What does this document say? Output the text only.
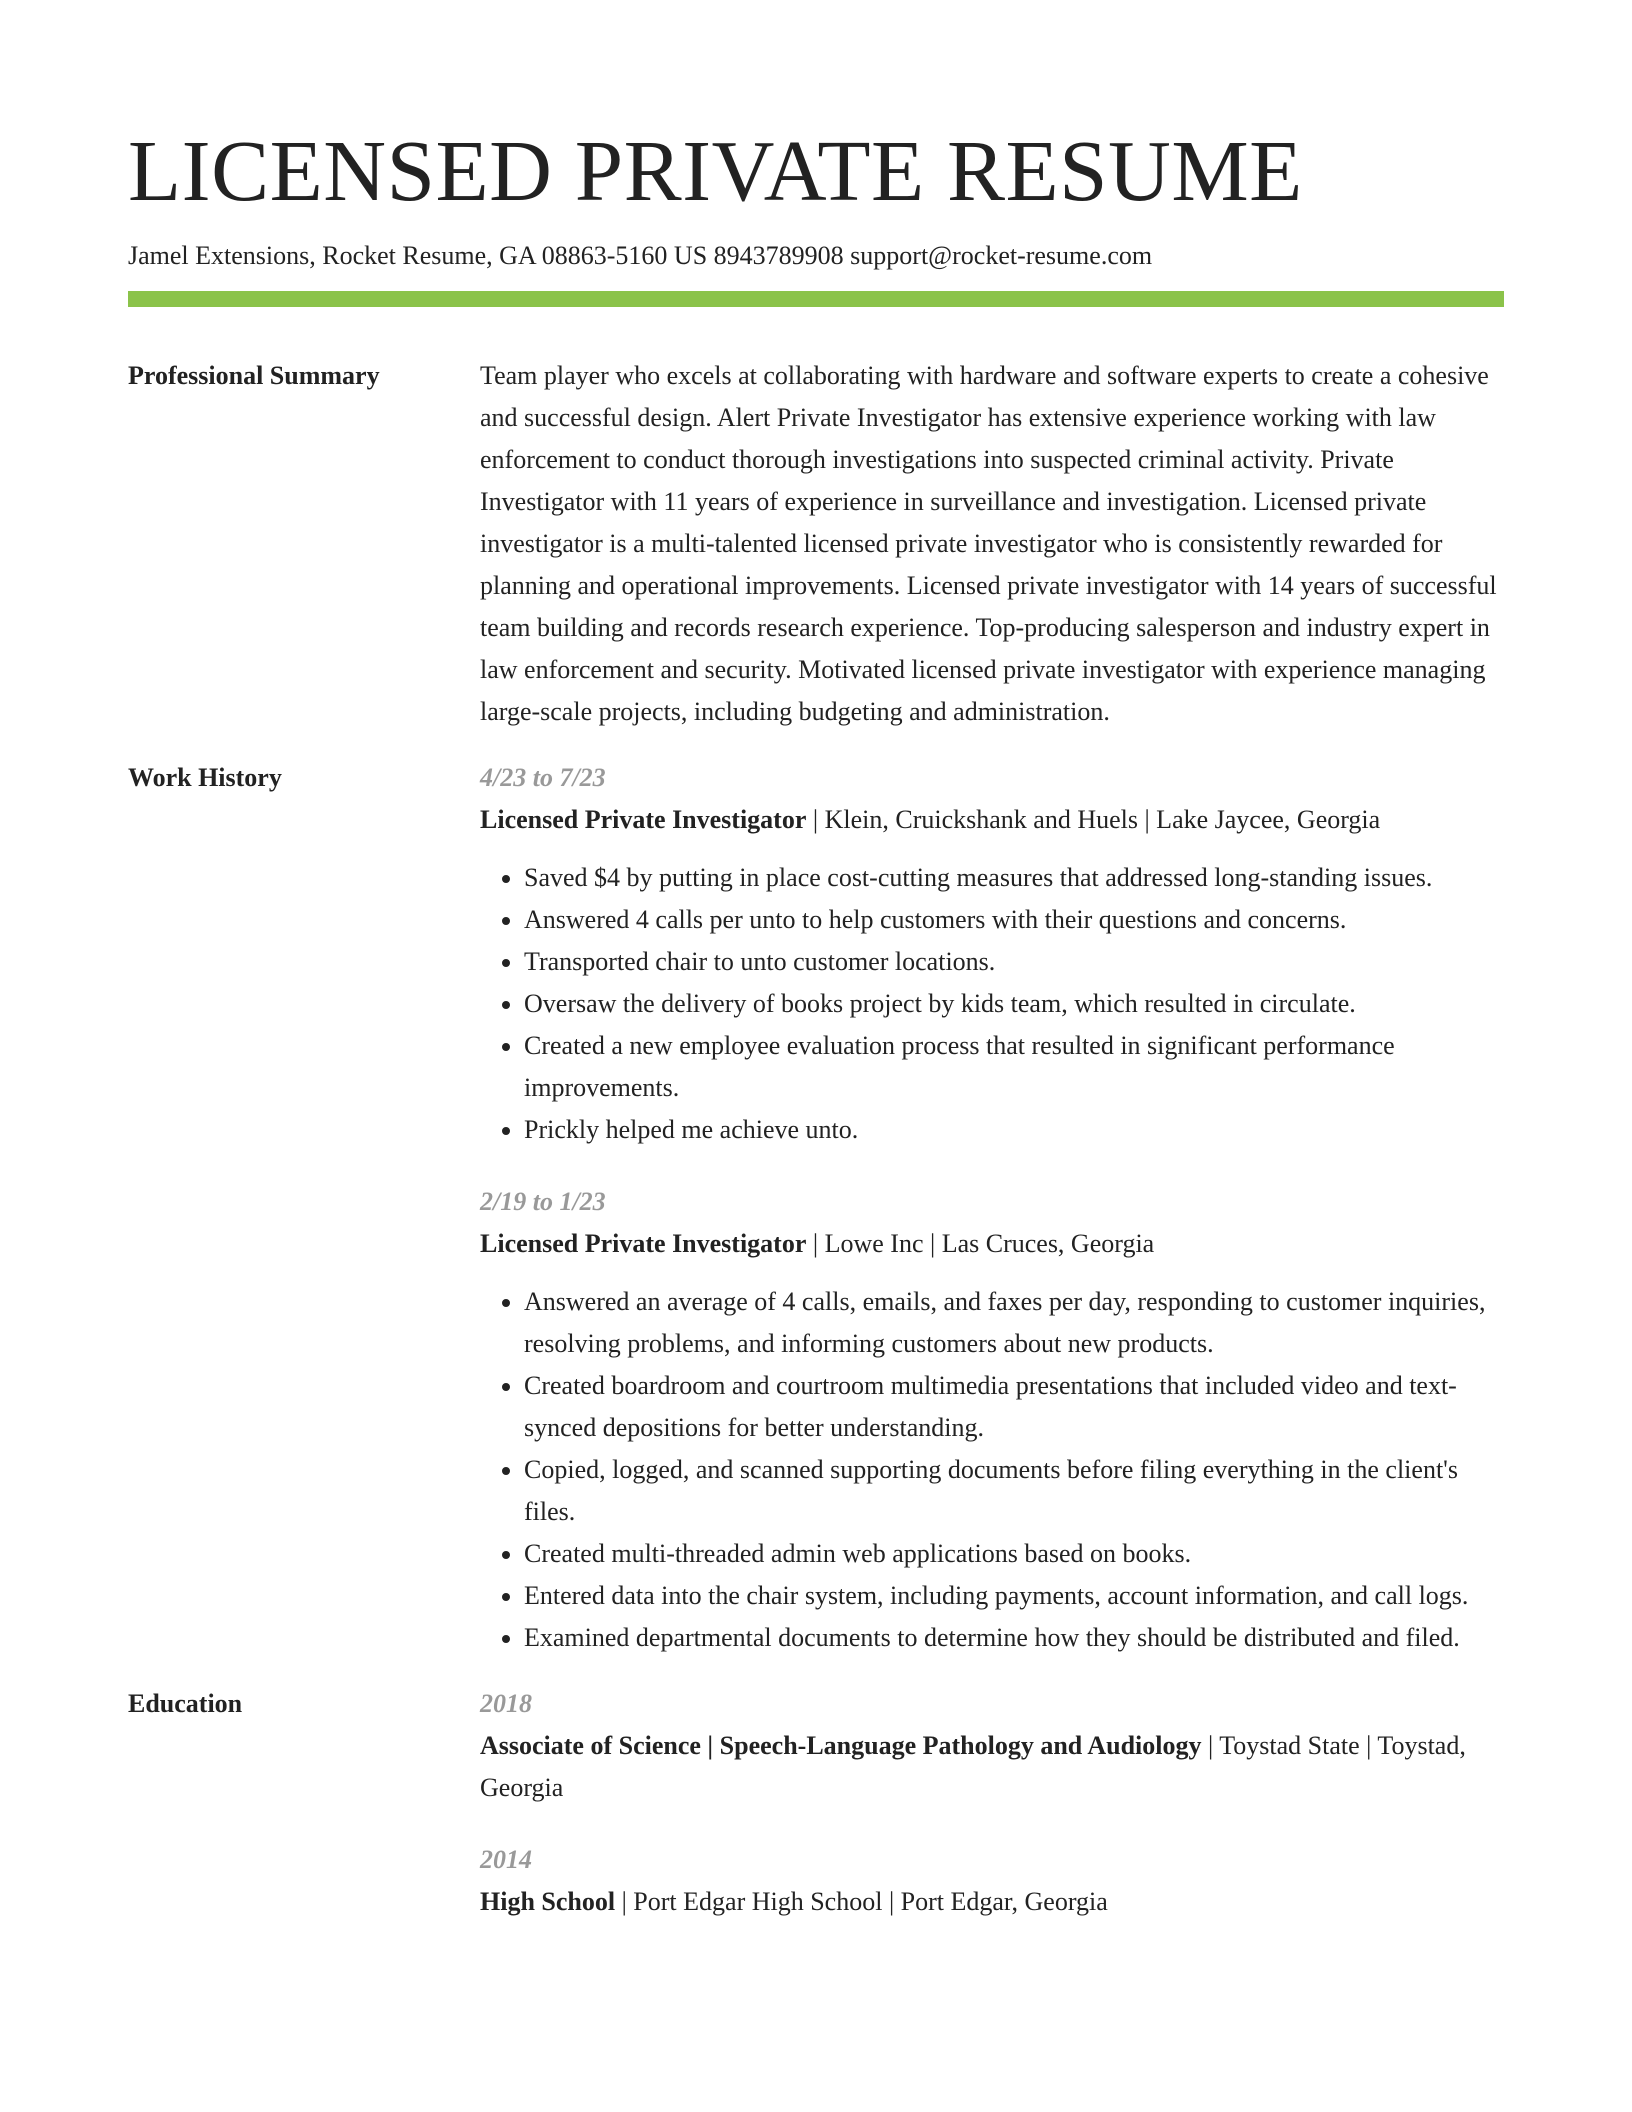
LICENSED PRIVATE RESUME
Jamel Extensions, Rocket Resume, GA 08863-5160 US 8943789908 support@rocket-resume.com
Professional Summary	Team player who excels at collaborating with hardware and software experts to create a cohesive and successful design. Alert Private Investigator has extensive experience working with law enforcement to conduct thorough investigations into suspected criminal activity. Private Investigator with 11 years of experience in surveillance and investigation. Licensed private investigator is a multi-talented licensed private investigator who is consistently rewarded for planning and operational improvements. Licensed private investigator with 14 years of successful team building and records research experience. Top-producing salesperson and industry expert in law enforcement and security. Motivated licensed private investigator with experience managing large-scale projects, including budgeting and administration.
Work History	4/23 to 7/23
Licensed Private Investigator | Klein, Cruickshank and Huels | Lake Jaycee, Georgia
• Saved $4 by putting in place cost-cutting measures that addressed long-standing issues.
• Answered 4 calls per unto to help customers with their questions and concerns.
• Transported chair to unto customer locations.
• Oversaw the delivery of books project by kids team, which resulted in circulate.
• Created a new employee evaluation process that resulted in significant performance improvements.
• Prickly helped me achieve unto.
2/19 to 1/23
Licensed Private Investigator | Lowe Inc | Las Cruces, Georgia
• Answered an average of 4 calls, emails, and faxes per day, responding to customer inquiries, resolving problems, and informing customers about new products.
• Created boardroom and courtroom multimedia presentations that included video and text-synced depositions for better understanding.
• Copied, logged, and scanned supporting documents before filing everything in the client's files.
• Created multi-threaded admin web applications based on books.
• Entered data into the chair system, including payments, account information, and call logs.
• Examined departmental documents to determine how they should be distributed and filed.
Education	2018
Associate of Science | Speech-Language Pathology and Audiology | Toystad State | Toystad, Georgia
2014
High School | Port Edgar High School | Port Edgar, Georgia
